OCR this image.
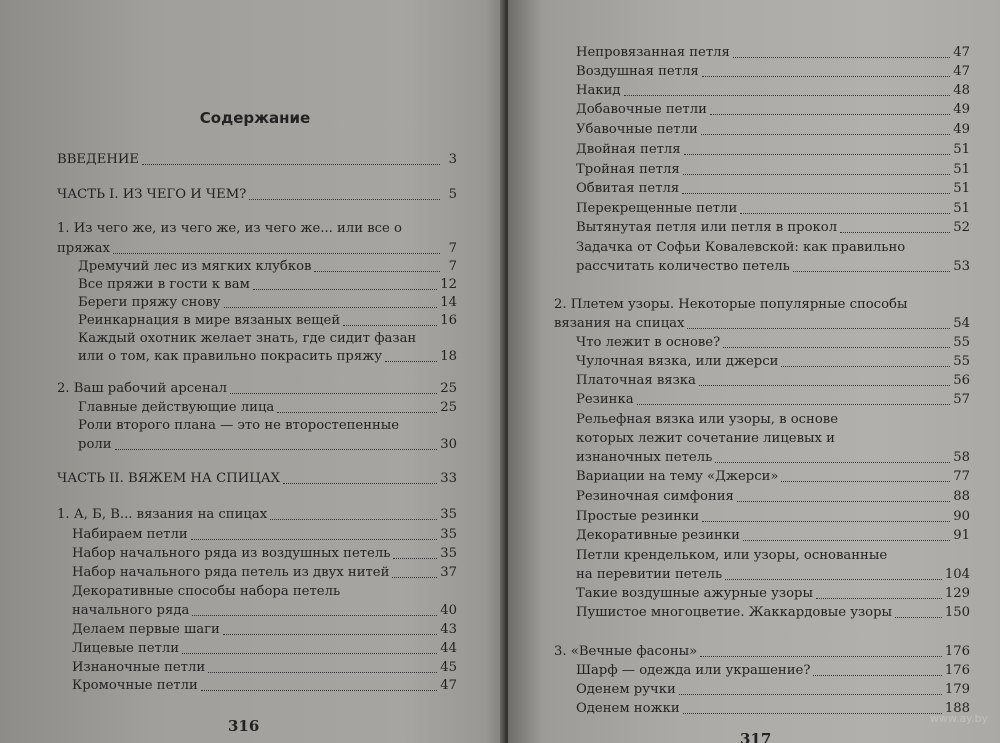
Содержание
ВВЕДЕНИЕ	3
ЧАСТЬ I. ИЗ ЧЕГО И ЧЕМ?	5
1. Из чего же, из чего же, из чего же... или все о
пряжах	7
Дремучий лес из мягких клубков	7
Все пряжи в гости к вам	12
Береги пряжу снову	14
Реинкарнация в мире вязаных вещей	16
Каждый охотник желает знать, где сидит фазан
или о том, как правильно покрасить пряжу	18
2. Ваш рабочий арсенал	25
Главные действующие лица	25
Роли второго плана — это не второстепенные
роли	30
ЧАСТЬ II. ВЯЖЕМ НА СПИЦАХ	33
1. А, Б, В... вязания на спицах	35
Набираем петли	35
Набор начального ряда из воздушных петель	35
Набор начального ряда петель из двух нитей	37
Декоративные способы набора петель
начального ряда	40
Делаем первые шаги	43
Лицевые петли	44
Изнаночные петли	45
Кромочные петли	47
316
Непровязанная петля	47
Воздушная петля	47
Накид	48
Добавочные петли	49
Убавочные петли	49
Двойная петля	51
Тройная петля	51
Обвитая петля	51
Перекрещенные петли	51
Вытянутая петля или петля в прокол	52
Задачка от Софьи Ковалевской: как правильно
рассчитать количество петель	53
2. Плетем узоры. Некоторые популярные способы
вязания на спицах	54
Что лежит в основе?	55
Чулочная вязка, или джерси	55
Платочная вязка	56
Резинка	57
Рельефная вязка или узоры, в основе
которых лежит сочетание лицевых и
изнаночных петель	58
Вариации на тему «Джерси»	77
Резиночная симфония	88
Простые резинки	90
Декоративные резинки	91
Петли крендельком, или узоры, основанные
на перевитии петель	104
Такие воздушные ажурные узоры	129
Пушистое многоцветие. Жаккардовые узоры	150
3. «Вечные фасоны»	176
Шарф — одежда или украшение?	176
Оденем ручки	179
Оденем ножки	188
317
www.ay.by
